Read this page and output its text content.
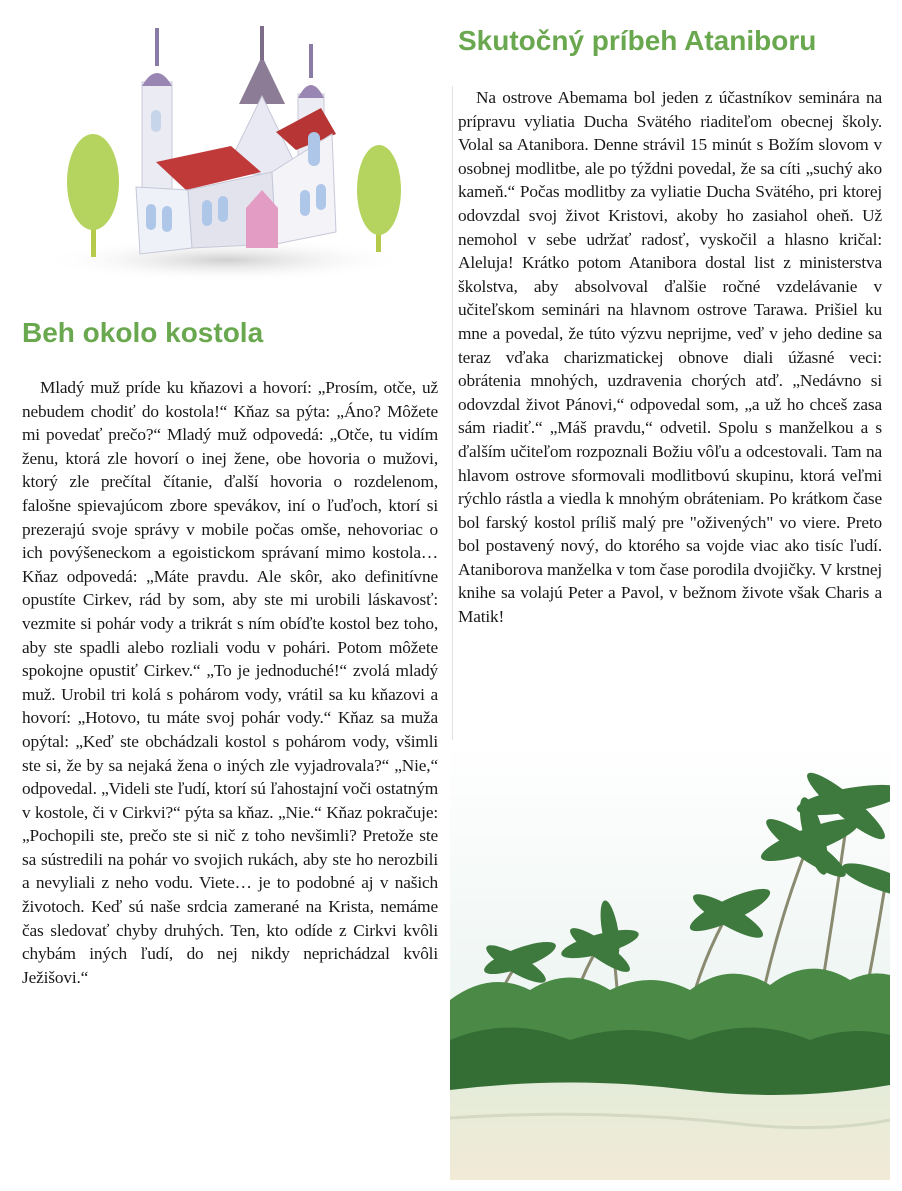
Beh okolo kostola

Mladý muž príde ku kňazovi a hovorí: „Prosím, otče, už nebudem chodiť do kostola!“ Kňaz sa pýta: „Áno? Môžete mi povedať prečo?“ Mladý muž odpovedá: „Otče, tu vidím ženu, ktorá zle hovorí o inej žene, obe hovoria o mužovi, ktorý zle prečítal čítanie, ďalší hovoria o rozdelenom, falošne spievajúcom zbore spevákov, iní o ľuďoch, ktorí si prezerajú svoje správy v mobile počas omše, nehovoriac o ich povýšeneckom a egoistickom správaní mimo kostola… Kňaz odpovedá: „Máte pravdu. Ale skôr, ako definitívne opustíte Cirkev, rád by som, aby ste mi urobili láskavosť: vezmite si pohár vody a trikrát s ním obíďte kostol bez toho, aby ste spadli alebo rozliali vodu v pohári. Potom môžete spokojne opustiť Cirkev.“ „To je jednoduché!“ zvolá mladý muž. Urobil tri kolá s pohárom vody, vrátil sa ku kňazovi a hovorí: „Hotovo, tu máte svoj pohár vody.“ Kňaz sa muža opýtal: „Keď ste obchádzali kostol s pohárom vody, všimli ste si, že by sa nejaká žena o iných zle vyjadrovala?“ „Nie,“ odpovedal. „Videli ste ľudí, ktorí sú ľahostajní voči ostatným v kostole, či v Cirkvi?“ pýta sa kňaz. „Nie.“ Kňaz pokračuje: „Pochopili ste, prečo ste si nič z toho nevšimli? Pretože ste sa sústredili na pohár vo svojich rukách, aby ste ho nerozbili a nevyliali z neho vodu. Viete… je to podobné aj v našich životoch. Keď sú naše srdcia zamerané na Krista, nemáme čas sledovať chyby druhých. Ten, kto odíde z Cirkvi kvôli chybám iných ľudí, do nej nikdy neprichádzal kvôli Ježišovi.“

Skutočný príbeh Ataniboru

Na ostrove Abemama bol jeden z účastníkov seminára na prípravu vyliatia Ducha Svätého riaditeľom obecnej školy. Volal sa Atanibora. Denne strávil 15 minút s Božím slovom v osobnej modlitbe, ale po týždni povedal, že sa cíti „suchý ako kameň.“ Počas modlitby za vyliatie Ducha Svätého, pri ktorej odovzdal svoj život Kristovi, akoby ho zasiahol oheň. Už nemohol v sebe udržať radosť, vyskočil a hlasno kričal: Aleluja! Krátko potom Atanibora dostal list z ministerstva školstva, aby absolvoval ďalšie ročné vzdelávanie v učiteľskom seminári na hlavnom ostrove Tarawa. Prišiel ku mne a povedal, že túto výzvu neprijme, veď v jeho dedine sa teraz vďaka charizmatickej obnove diali úžasné veci: obrátenia mnohých, uzdravenia chorých atď. „Nedávno si odovzdal život Pánovi,“ odpovedal som, „a už ho chceš zasa sám riadiť.“ „Máš pravdu,“ odvetil. Spolu s manželkou a s ďalším učiteľom rozpoznali Božiu vôľu a odcestovali. Tam na hlavom ostrove sformovali modlitbovú skupinu, ktorá veľmi rýchlo rástla a viedla k mnohým obráteniam. Po krátkom čase bol farský kostol príliš malý pre "oživených" vo viere. Preto bol postavený nový, do ktorého sa vojde viac ako tisíc ľudí. Ataniborova manželka v tom čase porodila dvojičky. V krstnej knihe sa volajú Peter a Pavol, v bežnom živote však Charis a Matik!
